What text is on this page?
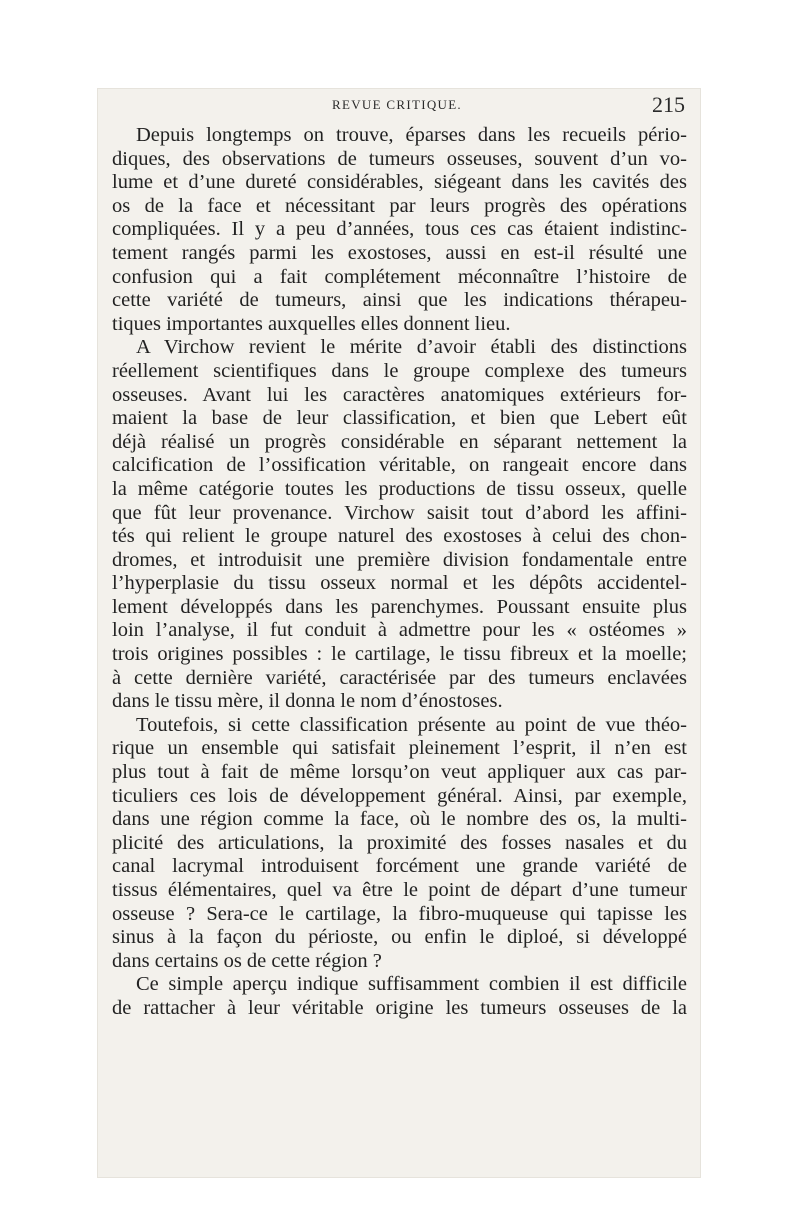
REVUE CRITIQUE.	215
Depuis longtemps on trouve, éparses dans les recueils pério-
diques, des observations de tumeurs osseuses, souvent d’un vo-
lume et d’une dureté considérables, siégeant dans les cavités des
os de la face et nécessitant par leurs progrès des opérations
compliquées. Il y a peu d’années, tous ces cas étaient indistinc-
tement rangés parmi les exostoses, aussi en est-il résulté une
confusion qui a fait complétement méconnaître l’histoire de
cette variété de tumeurs, ainsi que les indications thérapeu-
tiques importantes auxquelles elles donnent lieu.
A Virchow revient le mérite d’avoir établi des distinctions
réellement scientifiques dans le groupe complexe des tumeurs
osseuses. Avant lui les caractères anatomiques extérieurs for-
maient la base de leur classification, et bien que Lebert eût
déjà réalisé un progrès considérable en séparant nettement la
calcification de l’ossification véritable, on rangeait encore dans
la même catégorie toutes les productions de tissu osseux, quelle
que fût leur provenance. Virchow saisit tout d’abord les affini-
tés qui relient le groupe naturel des exostoses à celui des chon-
dromes, et introduisit une première division fondamentale entre
l’hyperplasie du tissu osseux normal et les dépôts accidentel-
lement développés dans les parenchymes. Poussant ensuite plus
loin l’analyse, il fut conduit à admettre pour les « ostéomes »
trois origines possibles : le cartilage, le tissu fibreux et la moelle;
à cette dernière variété, caractérisée par des tumeurs enclavées
dans le tissu mère, il donna le nom d’énostoses.
Toutefois, si cette classification présente au point de vue théo-
rique un ensemble qui satisfait pleinement l’esprit, il n’en est
plus tout à fait de même lorsqu’on veut appliquer aux cas par-
ticuliers ces lois de développement général. Ainsi, par exemple,
dans une région comme la face, où le nombre des os, la multi-
plicité des articulations, la proximité des fosses nasales et du
canal lacrymal introduisent forcément une grande variété de
tissus élémentaires, quel va être le point de départ d’une tumeur
osseuse ? Sera-ce le cartilage, la fibro-muqueuse qui tapisse les
sinus à la façon du périoste, ou enfin le diploé, si développé
dans certains os de cette région ?
Ce simple aperçu indique suffisamment combien il est difficile
de rattacher à leur véritable origine les tumeurs osseuses de la
